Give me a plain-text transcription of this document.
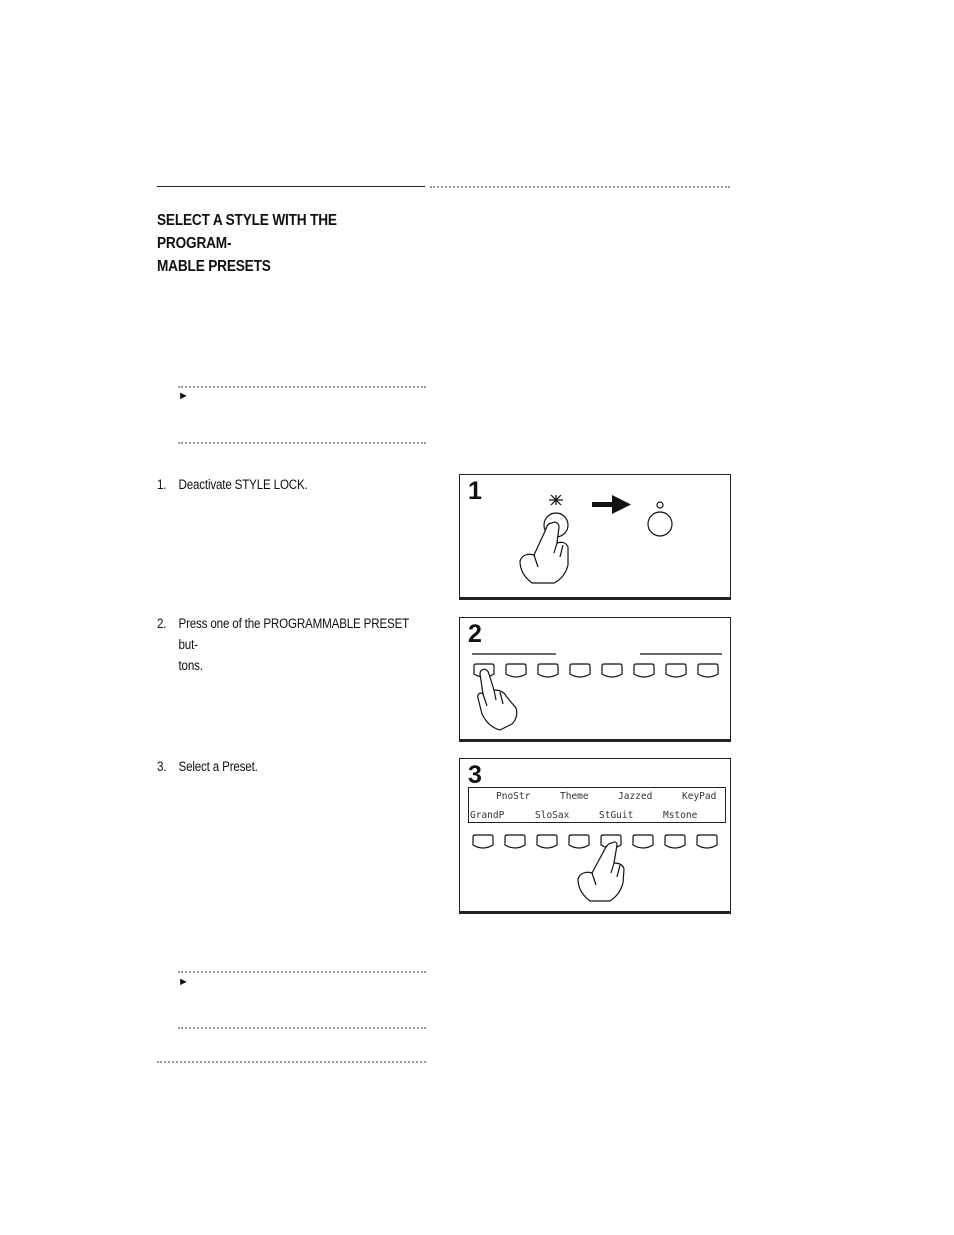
SELECT A STYLE WITH THE PROGRAM-
MABLE PRESETS
►
1. Deactivate STYLE LOCK.
2. Press one of the PROGRAMMABLE PRESET but-
tons.
3. Select a Preset.
1
2
3
PnoStr	Theme	Jazzed	KeyPad
GrandP	SloSax	StGuit	Mstone
►
